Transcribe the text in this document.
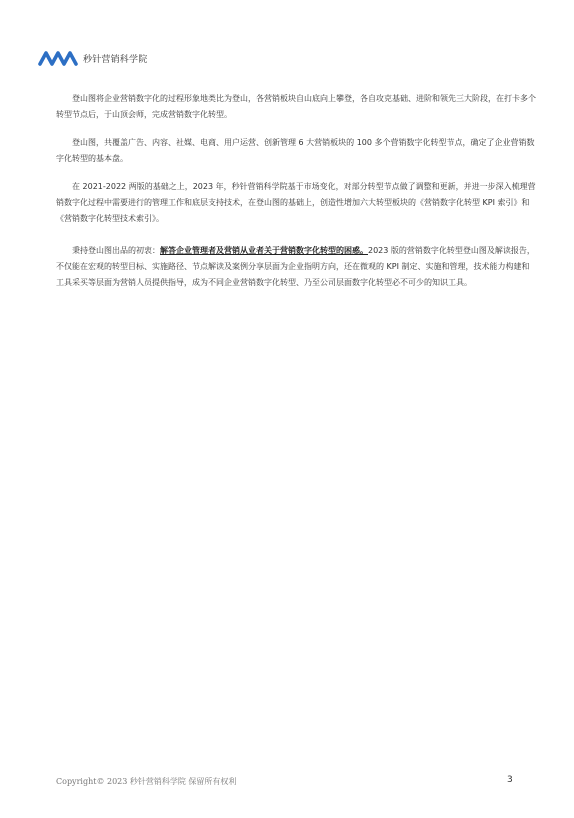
秒针营销科学院

登山图将企业营销数字化的过程形象地类比为登山，各营销板块自山底向上攀登，各自攻克基础、进阶和领先三大阶段，在打卡多个转型节点后，于山顶会师，完成营销数字化转型。

登山图，共覆盖广告、内容、社媒、电商、用户运营、创新管理 6 大营销板块的 100 多个营销数字化转型节点，确定了企业营销数字化转型的基本盘。

在 2021-2022 两版的基础之上，2023 年，秒针营销科学院基于市场变化，对部分转型节点做了调整和更新，并进一步深入梳理营销数字化过程中需要进行的管理工作和底层支持技术，在登山图的基础上，创造性增加六大转型板块的《营销数字化转型 KPI 索引》和《营销数字化转型技术索引》。

秉持登山图出品的初衷：解答企业管理者及营销从业者关于营销数字化转型的困惑。2023 版的营销数字化转型登山图及解读报告，不仅能在宏观的转型目标、实施路径、节点解读及案例分享层面为企业指明方向，还在微观的 KPI 制定、实施和管理，技术能力构建和工具采买等层面为营销人员提供指导，成为不同企业营销数字化转型、乃至公司层面数字化转型必不可少的知识工具。

Copyright© 2023 秒针营销科学院 保留所有权利	3
